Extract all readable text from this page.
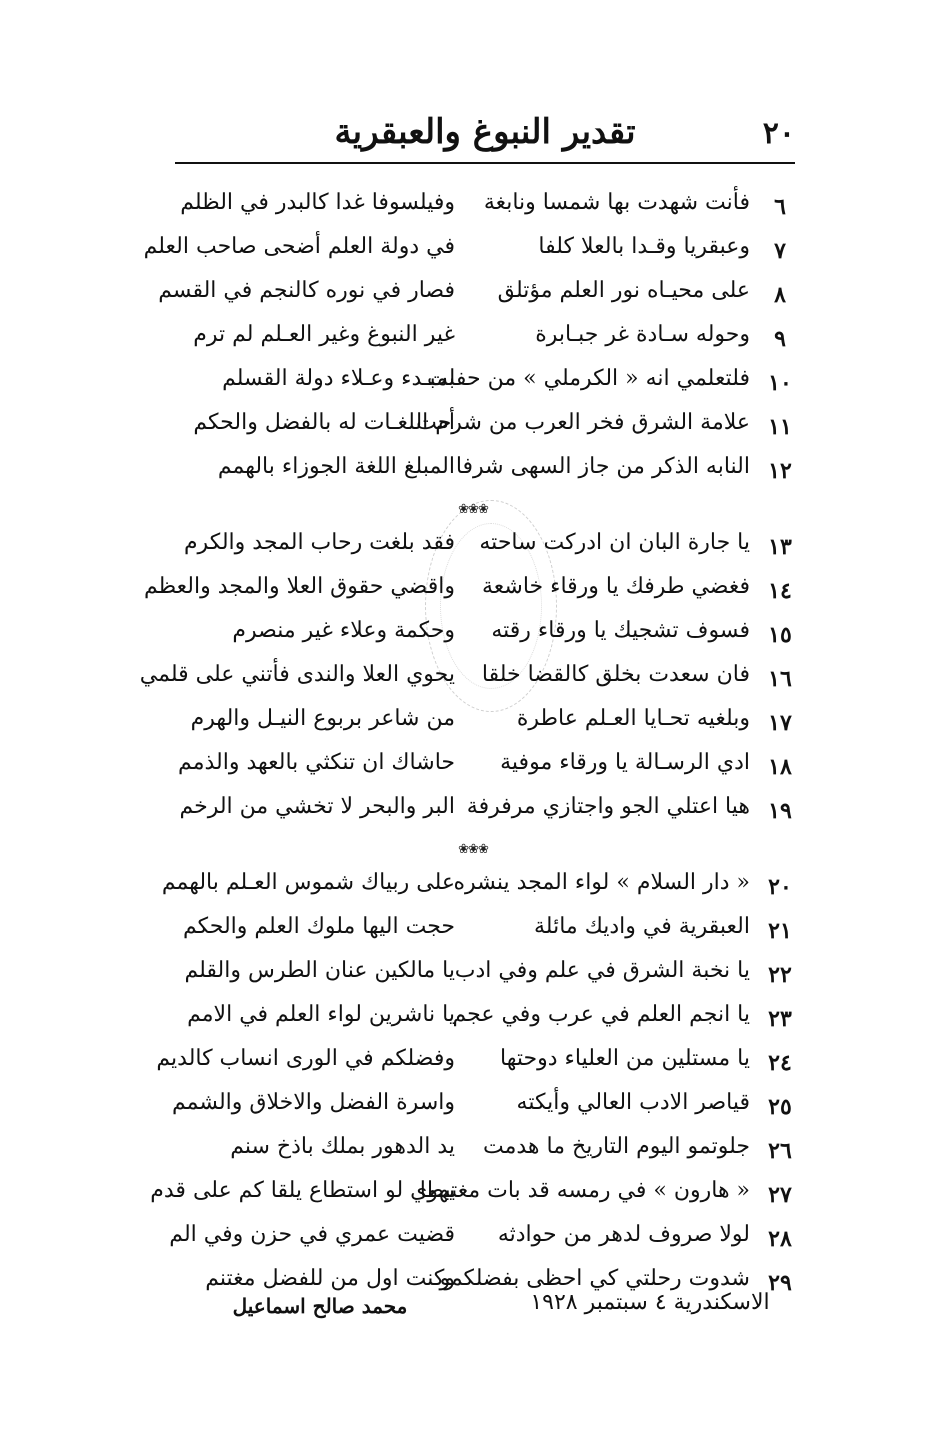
٢٠
تقدير النبوغ والعبقرية
٦
فأنت شهدت بها شمسا ونابغة
وفيلسوفا غدا كالبدر في الظلم
٧
وعبقريا وقـدا بالعلا كلفا
في دولة العلم أضحى صاحب العلم
٨
على محيـاه نور العلم مؤتلق
فصار في نوره كالنجم في القسم
٩
وحوله سـادة غر جبـابرة
غير النبوغ وغير العـلم لم ترم
١٠
فلتعلمي انه « الكرملي » من حفلت
بمبـدء وعـلاء دولة القسلم
١١
علامة الشرق فخر العرب من شرحت
أم اللغـات له بالفضل والحكم
١٢
النابه الذكر من جاز السهى شرفا
المبلغ اللغة الجوزاء بالهمم
❀❀❀
١٣
يا جارة البان ان ادركت ساحته
فقد بلغت رحاب المجد والكرم
١٤
فغضي طرفك يا ورقاء خاشعة
واقضي حقوق العلا والمجد والعظم
١٥
فسوف تشجيك يا ورقاء رقته
وحكمة وعلاء غير منصرم
١٦
فان سعدت بخلق كالقضا خلقا
يحوي العلا والندى فأتني على قلمي
١٧
وبلغيه تحـايا العـلم عاطرة
من شاعر بربوع النيـل والهرم
١٨
ادي الرسـالة يا ورقاء موفية
حاشاك ان تنكثي بالعهد والذمم
١٩
هيا اعتلي الجو واجتازي مرفرفة
البر والبحر لا تخشي من الرخم
❀❀❀
٢٠
« دار السلام » لواء المجد ينشره
على ربياك شموس العـلم بالهمم
٢١
العبقرية في واديك مائلة
حجت اليها ملوك العلم والحكم
٢٢
يا نخبة الشرق في علم وفي ادب
يا مالكين عنان الطرس والقلم
٢٣
يا انجم العلم في عرب وفي عجم
يا ناشرين لواء العلم في الامم
٢٤
يا مستلين من العلياء دوحتها
وفضلكم في الورى انساب كالديم
٢٥
قياصر الادب العالي وأيكته
واسرة الفضل والاخلاق والشمم
٢٦
جلوتمو اليوم التاريخ ما هدمت
يد الدهور بملك باذخ سنم
٢٧
« هارون » في رمسه قد بات مغتبطا
يهوي لو استطاع يلقا كم على قدم
٢٨
لولا صروف لدهر من حوادثه
قضيت عمري في حزن وفي الم
٢٩
شدوت رحلتي كي احظى بفضلكمو
وكنت اول من للفضل مغتنم
الاسكندرية ٤ سبتمبر ١٩٢٨
محمد صالح اسماعيل
